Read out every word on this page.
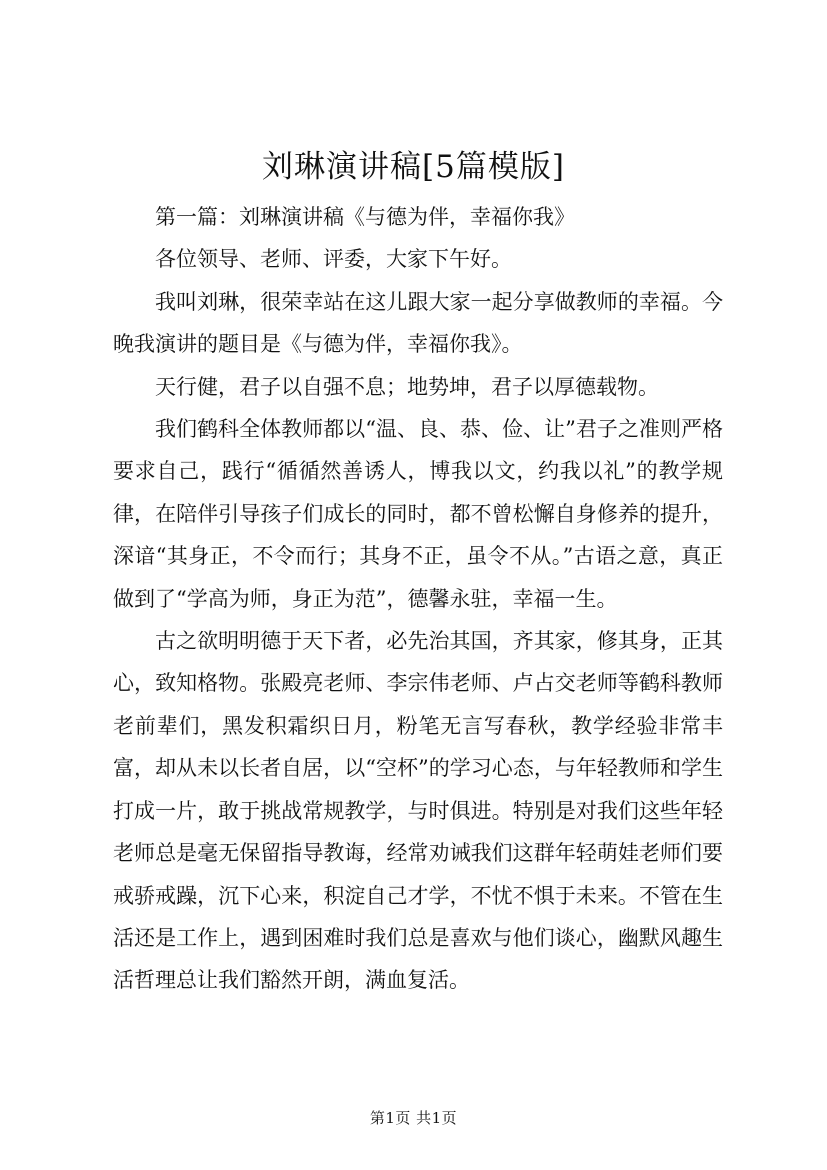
刘琳演讲稿[5篇模版]

第一篇：刘琳演讲稿《与德为伴，幸福你我》

各位领导、老师、评委，大家下午好。

我叫刘琳，很荣幸站在这儿跟大家一起分享做教师的幸福。今晚我演讲的题目是《与德为伴，幸福你我》。

天行健，君子以自强不息；地势坤，君子以厚德载物。

我们鹤科全体教师都以“温、良、恭、俭、让”君子之准则严格要求自己，践行“循循然善诱人，博我以文，约我以礼”的教学规律，在陪伴引导孩子们成长的同时，都不曾松懈自身修养的提升，深谙“其身正，不令而行；其身不正，虽令不从。”古语之意，真正做到了“学高为师，身正为范”，德馨永驻，幸福一生。

古之欲明明德于天下者，必先治其国，齐其家，修其身，正其心，致知格物。张殿亮老师、李宗伟老师、卢占交老师等鹤科教师老前辈们，黑发积霜织日月，粉笔无言写春秋，教学经验非常丰富，却从未以长者自居，以“空杯”的学习心态，与年轻教师和学生打成一片，敢于挑战常规教学，与时俱进。特别是对我们这些年轻老师总是毫无保留指导教诲，经常劝诫我们这群年轻萌娃老师们要戒骄戒躁，沉下心来，积淀自己才学，不忧不惧于未来。不管在生活还是工作上，遇到困难时我们总是喜欢与他们谈心，幽默风趣生活哲理总让我们豁然开朗，满血复活。

第1页 共1页
